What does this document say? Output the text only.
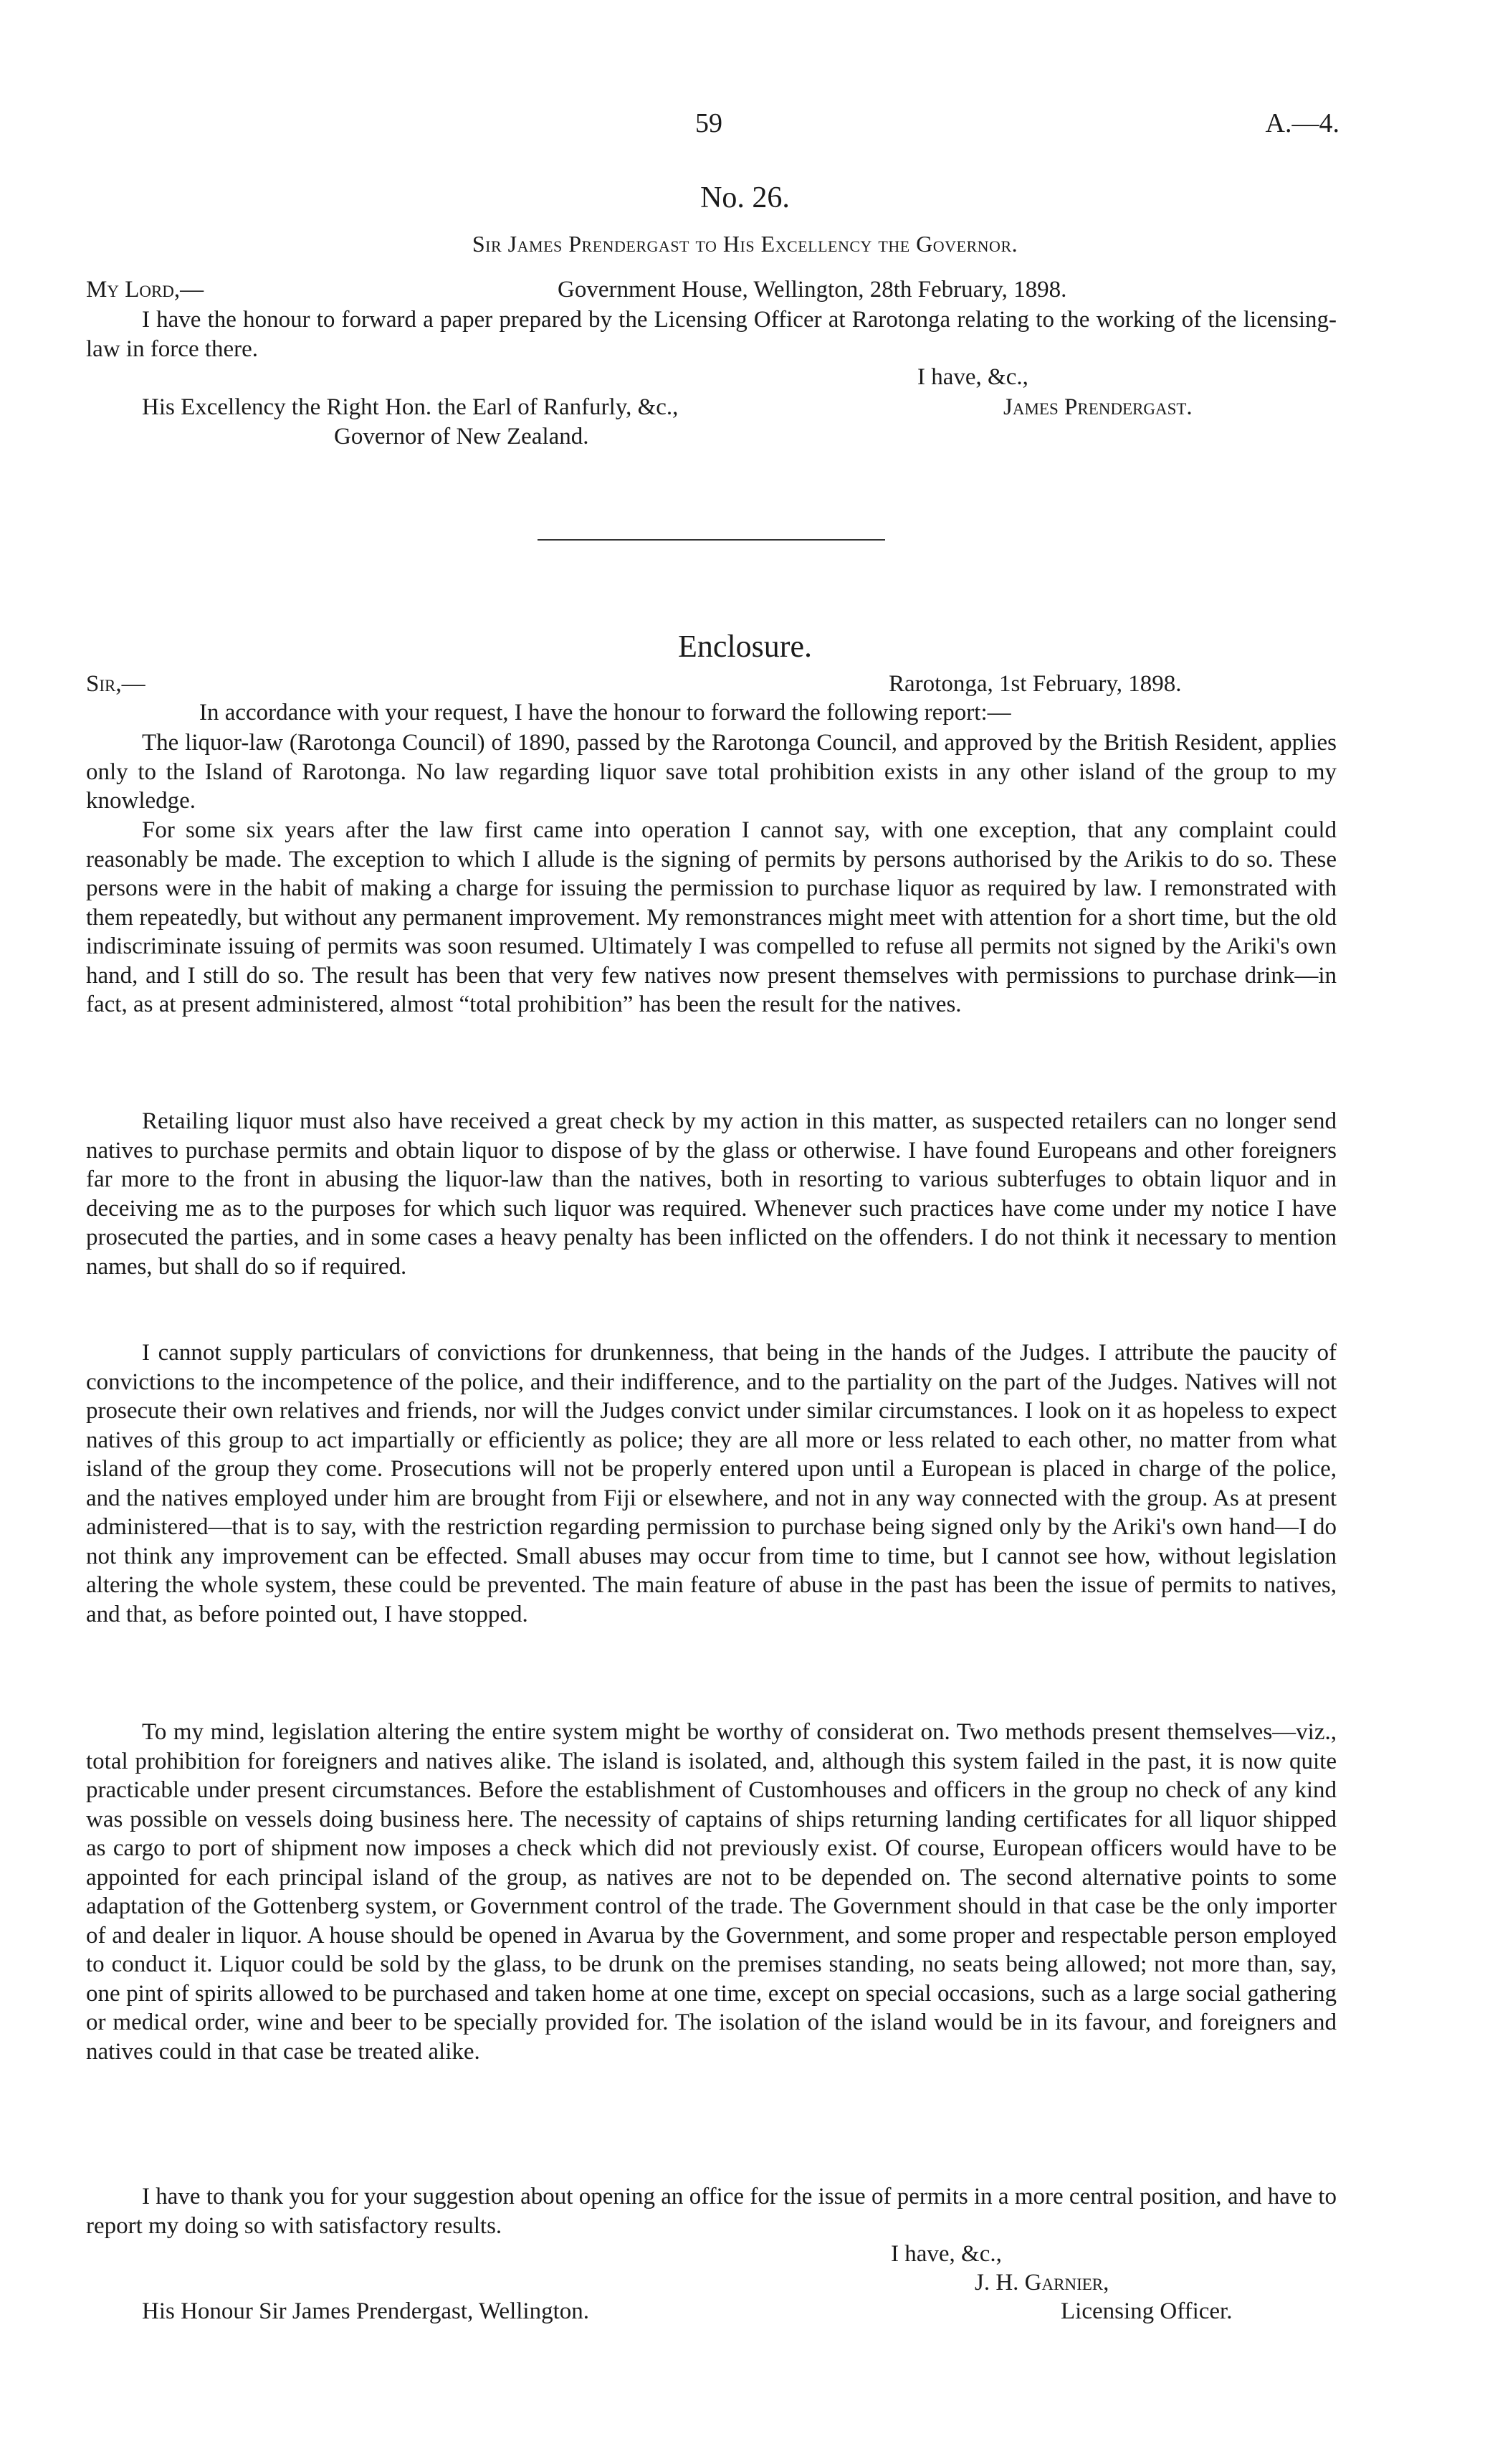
59	A.—4.
No. 26.
Sir James Prendergast to His Excellency the Governor.
My Lord,—	Government House, Wellington, 28th February, 1898.
I have the honour to forward a paper prepared by the Licensing Officer at Rarotonga relating to the working of the licensing-law in force there.
I have, &c.,
His Excellency the Right Hon. the Earl of Ranfurly, &c.,	James Prendergast.
Governor of New Zealand.
Enclosure.
Sir,—	Rarotonga, 1st February, 1898.
In accordance with your request, I have the honour to forward the following report:—
The liquor-law (Rarotonga Council) of 1890, passed by the Rarotonga Council, and approved by the British Resident, applies only to the Island of Rarotonga. No law regarding liquor save total prohibition exists in any other island of the group to my knowledge.
For some six years after the law first came into operation I cannot say, with one exception, that any complaint could reasonably be made. The exception to which I allude is the signing of permits by persons authorised by the Arikis to do so. These persons were in the habit of making a charge for issuing the permission to purchase liquor as required by law. I remonstrated with them repeatedly, but without any permanent improvement. My remonstrances might meet with attention for a short time, but the old indiscriminate issuing of permits was soon resumed. Ultimately I was compelled to refuse all permits not signed by the Ariki's own hand, and I still do so. The result has been that very few natives now present themselves with permissions to purchase drink—in fact, as at present administered, almost “total prohibition” has been the result for the natives.
Retailing liquor must also have received a great check by my action in this matter, as suspected retailers can no longer send natives to purchase permits and obtain liquor to dispose of by the glass or otherwise. I have found Europeans and other foreigners far more to the front in abusing the liquor-law than the natives, both in resorting to various subterfuges to obtain liquor and in deceiving me as to the purposes for which such liquor was required. Whenever such practices have come under my notice I have prosecuted the parties, and in some cases a heavy penalty has been inflicted on the offenders. I do not think it necessary to mention names, but shall do so if required.
I cannot supply particulars of convictions for drunkenness, that being in the hands of the Judges. I attribute the paucity of convictions to the incompetence of the police, and their indifference, and to the partiality on the part of the Judges. Natives will not prosecute their own relatives and friends, nor will the Judges convict under similar circumstances. I look on it as hopeless to expect natives of this group to act impartially or efficiently as police; they are all more or less related to each other, no matter from what island of the group they come. Prosecutions will not be properly entered upon until a European is placed in charge of the police, and the natives employed under him are brought from Fiji or elsewhere, and not in any way connected with the group. As at present administered—that is to say, with the restriction regarding permission to purchase being signed only by the Ariki's own hand—I do not think any improvement can be effected. Small abuses may occur from time to time, but I cannot see how, without legislation altering the whole system, these could be prevented. The main feature of abuse in the past has been the issue of permits to natives, and that, as before pointed out, I have stopped.
To my mind, legislation altering the entire system might be worthy of considerat on. Two methods present themselves—viz., total prohibition for foreigners and natives alike. The island is isolated, and, although this system failed in the past, it is now quite practicable under present circumstances. Before the establishment of Customhouses and officers in the group no check of any kind was possible on vessels doing business here. The necessity of captains of ships returning landing certificates for all liquor shipped as cargo to port of shipment now imposes a check which did not previously exist. Of course, European officers would have to be appointed for each principal island of the group, as natives are not to be depended on. The second alternative points to some adaptation of the Gottenberg system, or Government control of the trade. The Government should in that case be the only importer of and dealer in liquor. A house should be opened in Avarua by the Government, and some proper and respectable person employed to conduct it. Liquor could be sold by the glass, to be drunk on the premises standing, no seats being allowed; not more than, say, one pint of spirits allowed to be purchased and taken home at one time, except on special occasions, such as a large social gathering or medical order, wine and beer to be specially provided for. The isolation of the island would be in its favour, and foreigners and natives could in that case be treated alike.
I have to thank you for your suggestion about opening an office for the issue of permits in a more central position, and have to report my doing so with satisfactory results.
I have, &c.,
J. H. Garnier,
His Honour Sir James Prendergast, Wellington.	Licensing Officer.
